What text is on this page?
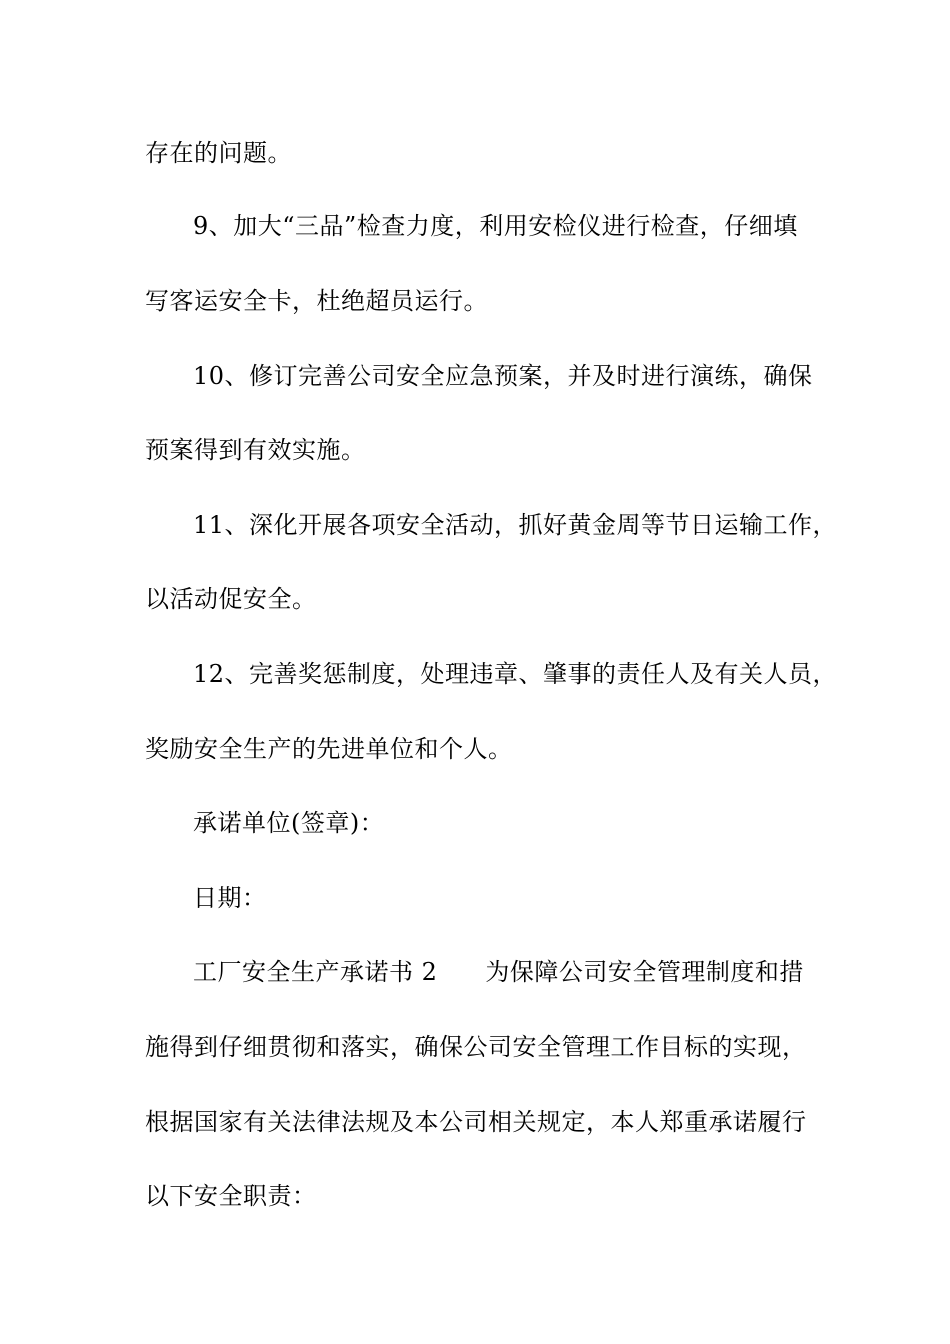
存在的问题。
9、加大“三品”检查力度，利用安检仪进行检查，仔细填
写客运安全卡，杜绝超员运行。
10、修订完善公司安全应急预案，并及时进行演练，确保
预案得到有效实施。
11、深化开展各项安全活动，抓好黄金周等节日运输工作，
以活动促安全。
12、完善奖惩制度，处理违章、肇事的责任人及有关人员，
奖励安全生产的先进单位和个人。
承诺单位(签章)：
日期：
工厂安全生产承诺书 2 为保障公司安全管理制度和措
施得到仔细贯彻和落实，确保公司安全管理工作目标的实现，
根据国家有关法律法规及本公司相关规定，本人郑重承诺履行
以下安全职责：
